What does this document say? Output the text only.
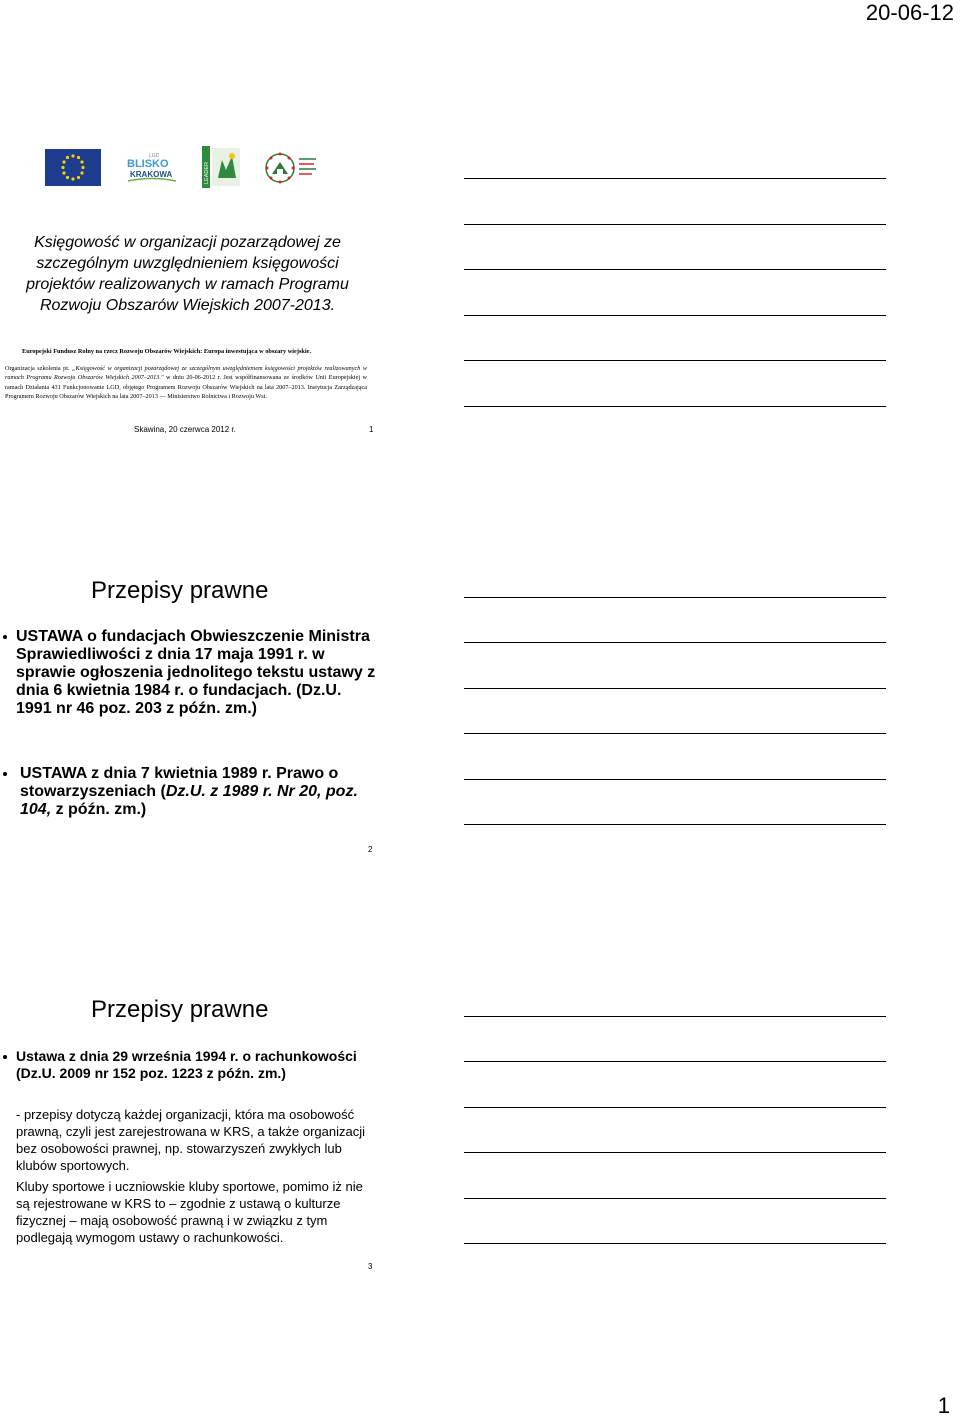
20-06-12
1
LGD
BLISKO
KRAKOWA	LEADER
Księgowość w organizacji pozarządowej ze szczególnym uwzględnieniem księgowości projektów realizowanych w ramach Programu Rozwoju Obszarów Wiejskich 2007-2013.
Europejski Fundusz Rolny na rzecz Rozwoju Obszarów Wiejskich: Europa inwestująca w obszary wiejskie.
Organizacja szkolenia pt. „Księgowość w organizacji pozarządowej ze szczególnym uwzględnieniem księgowości projektów realizowanych w ramach Programu Rozwoju Obszarów Wiejskich 2007–2013." w dniu 20-06-2012 r. Jest współfinansowana ze środków Unii Europejskiej w ramach Działania 431 Funkcjonowanie LGD, objętego Programem Rozwoju Obszarów Wiejskich na lata 2007–2013. Instytucja Zarządzająca Programem Rozwoju Obszarów Wiejskich na lata 2007–2013 — Ministerstwo Rolnictwa i Rozwoju Wsi.
Skawina, 20 czerwca 2012 r.	1
Przepisy prawne
USTAWA o fundacjach Obwieszczenie Ministra Sprawiedliwości z dnia 17 maja 1991 r. w sprawie ogłoszenia jednolitego tekstu ustawy z dnia 6 kwietnia 1984 r. o fundacjach. (Dz.U. 1991 nr 46 poz. 203 z późn. zm.)
USTAWA z dnia 7 kwietnia 1989 r. Prawo o stowarzyszeniach (Dz.U. z 1989 r. Nr 20, poz. 104, z późn. zm.)
2
Przepisy prawne
Ustawa z dnia 29 września 1994 r. o rachunkowości (Dz.U. 2009 nr 152 poz. 1223 z późn. zm.)

- przepisy dotyczą każdej organizacji, która ma osobowość prawną, czyli jest zarejestrowana w KRS, a także organizacji bez osobowości prawnej, np. stowarzyszeń zwykłych lub klubów sportowych.

Kluby sportowe i uczniowskie kluby sportowe, pomimo iż nie są rejestrowane w KRS to – zgodnie z ustawą o kulturze fizycznej – mają osobowość prawną i w związku z tym podlegają wymogom ustawy o rachunkowości.

3
